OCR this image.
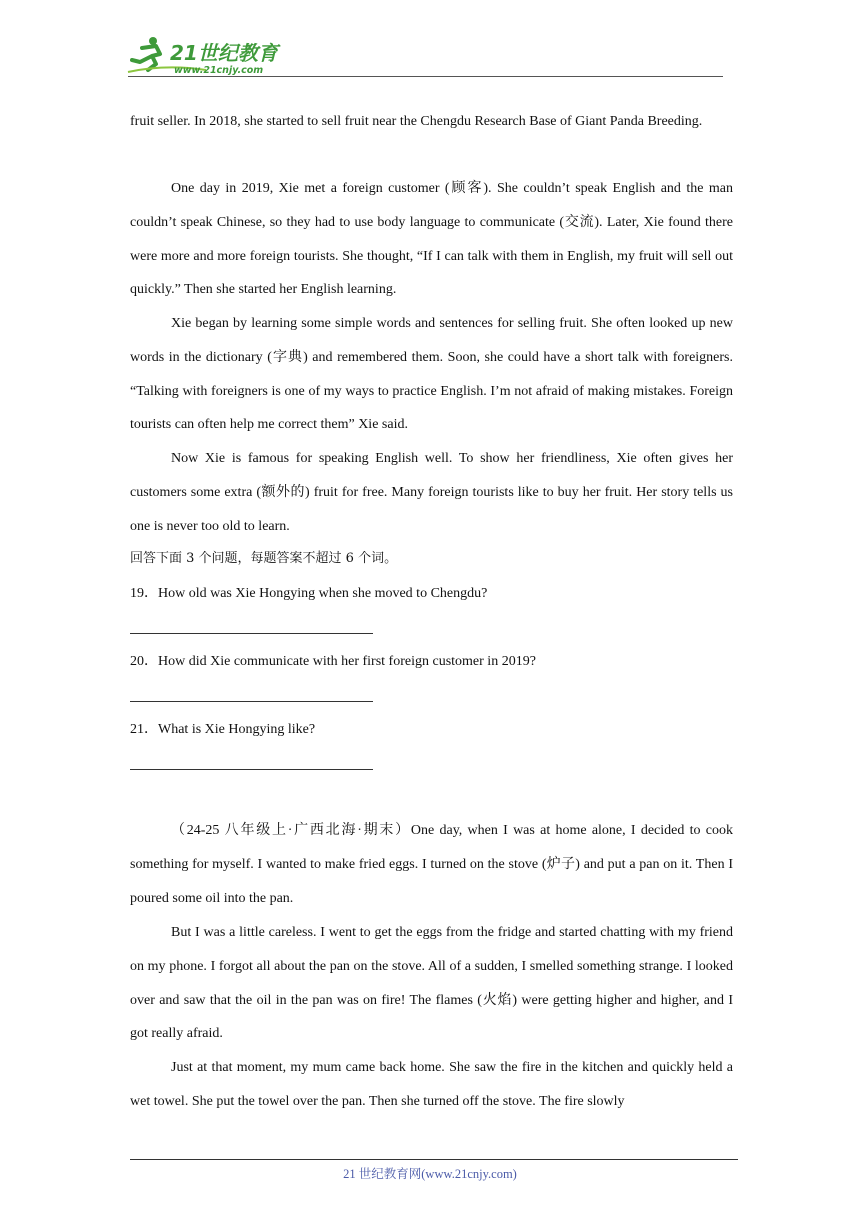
21世纪教育
www.21cnjy.com

fruit seller. In 2018, she started to sell fruit near the Chengdu Research Base of Giant Panda Breeding.

One day in 2019, Xie met a foreign customer (顾客). She couldn’t speak English and the man couldn’t speak Chinese, so they had to use body language to communicate (交流). Later, Xie found there were more and more foreign tourists. She thought, “If I can talk with them in English, my fruit will sell out quickly.” Then she started her English learning.

Xie began by learning some simple words and sentences for selling fruit. She often looked up new words in the dictionary (字典) and remembered them. Soon, she could have a short talk with foreigners. “Talking with foreigners is one of my ways to practice English. I’m not afraid of making mistakes. Foreign tourists can often help me correct them” Xie said.

Now Xie is famous for speaking English well. To show her friendliness, Xie often gives her customers some extra (额外的) fruit for free. Many foreign tourists like to buy her fruit. Her story tells us one is never too old to learn.

回答下面 3 个问题，每题答案不超过 6 个词。

19．How old was Xie Hongying when she moved to Chengdu?

20．How did Xie communicate with her first foreign customer in 2019?

21．What is Xie Hongying like?

（24-25 八年级上·广西北海·期末）One day, when I was at home alone, I decided to cook something for myself. I wanted to make fried eggs. I turned on the stove (炉子) and put a pan on it. Then I poured some oil into the pan.

But I was a little careless. I went to get the eggs from the fridge and started chatting with my friend on my phone. I forgot all about the pan on the stove. All of a sudden, I smelled something strange. I looked over and saw that the oil in the pan was on fire! The flames (火焰) were getting higher and higher, and I got really afraid.

Just at that moment, my mum came back home. She saw the fire in the kitchen and quickly held a wet towel. She put the towel over the pan. Then she turned off the stove. The fire slowly

21 世纪教育网(www.21cnjy.com)
